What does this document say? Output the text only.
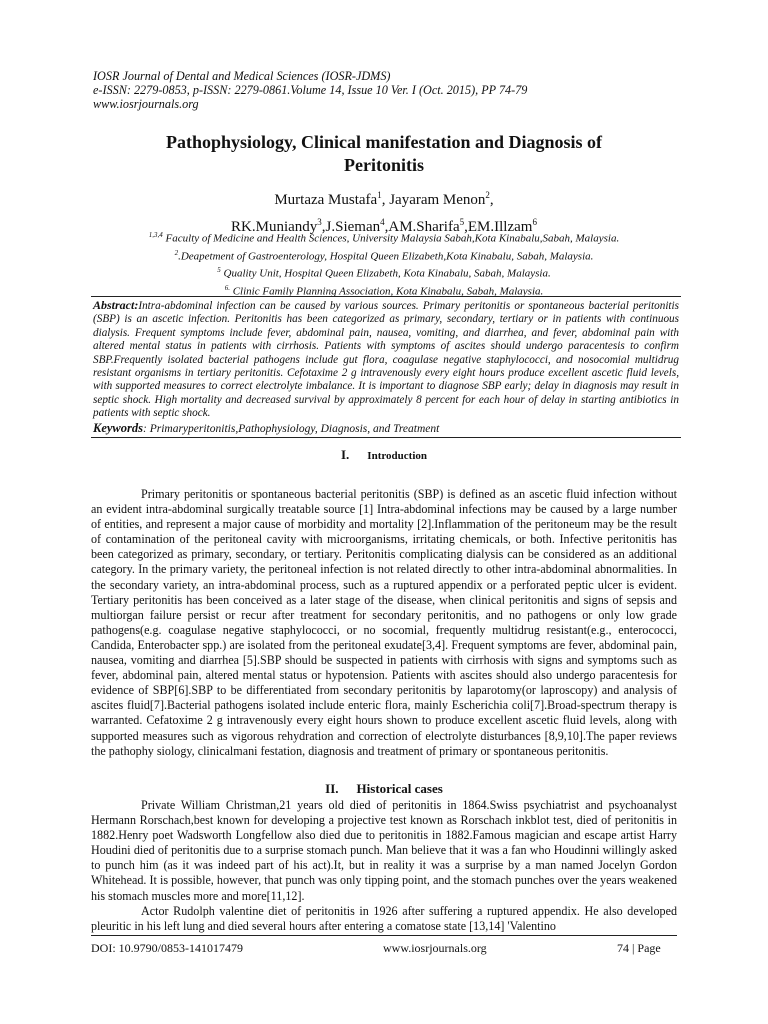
IOSR Journal of Dental and Medical Sciences (IOSR-JDMS)
e-ISSN: 2279-0853, p-ISSN: 2279-0861.Volume 14, Issue 10 Ver. I (Oct. 2015), PP 74-79
www.iosrjournals.org
Pathophysiology, Clinical manifestation and Diagnosis of
Peritonitis
Murtaza Mustafa$^1$, Jayaram Menon$^2$,
RK.Muniandy$^3$,J.Sieman$^4$,AM.Sharifa$^5$,EM.Illzam$^6$
$^{1,3,4}$ Faculty of Medicine and Health Sciences, University Malaysia Sabah,Kota Kinabalu,Sabah, Malaysia.
$^2$.Deapetment of Gastroenterology, Hospital Queen Elizabeth,Kota Kinabalu, Sabah, Malaysia.
$^5$ Quality Unit, Hospital Queen Elizabeth, Kota Kinabalu, Sabah, Malaysia.
$^{6.}$ Clinic Family Planning Association, Kota Kinabalu, Sabah, Malaysia.
Abstract:Intra-abdominal infection can be caused by various sources. Primary peritonitis or spontaneous bacterial peritonitis (SBP) is an ascetic infection. Peritonitis has been categorized as primary, secondary, tertiary or in patients with continuous dialysis. Frequent symptoms include fever, abdominal pain, nausea, vomiting, and diarrhea, and fever, abdominal pain with altered mental status in patients with cirrhosis. Patients with symptoms of ascites should undergo paracentesis to confirm SBP.Frequently isolated bacterial pathogens include gut flora, coagulase negative staphylococci, and nosocomial multidrug resistant organisms in tertiary peritonitis. Cefotaxime 2 g intravenously every eight hours produce excellent ascetic fluid levels, with supported measures to correct electrolyte imbalance. It is important to diagnose SBP early; delay in diagnosis may result in septic shock. High mortality and decreased survival by approximately 8 percent for each hour of delay in starting antibiotics in patients with septic shock.
Keywords: Primaryperitonitis,Pathophysiology, Diagnosis, and Treatment
I. Introduction

Primary peritonitis or spontaneous bacterial peritonitis (SBP) is defined as an ascetic fluid infection without an evident intra-abdominal surgically treatable source [1] Intra-abdominal infections may be caused by a large number of entities, and represent a major cause of morbidity and mortality [2].Inflammation of the peritoneum may be the result of contamination of the peritoneal cavity with microorganisms, irritating chemicals, or both. Infective peritonitis has been categorized as primary, secondary, or tertiary. Peritonitis complicating dialysis can be considered as an additional category. In the primary variety, the peritoneal infection is not related directly to other intra-abdominal abnormalities. In the secondary variety, an intra-abdominal process, such as a ruptured appendix or a perforated peptic ulcer is evident. Tertiary peritonitis has been conceived as a later stage of the disease, when clinical peritonitis and signs of sepsis and multiorgan failure persist or recur after treatment for secondary peritonitis, and no pathogens or only low grade pathogens(e.g. coagulase negative staphylococci, or no socomial, frequently multidrug resistant(e.g., enterococci, Candida, Enterobacter spp.) are isolated from the peritoneal exudate[3,4]. Frequent symptoms are fever, abdominal pain, nausea, vomiting and diarrhea [5].SBP should be suspected in patients with cirrhosis with signs and symptoms such as fever, abdominal pain, altered mental status or hypotension. Patients with ascites should also undergo paracentesis for evidence of SBP[6].SBP to be differentiated from secondary peritonitis by laparotomy(or laproscopy) and analysis of ascites fluid[7].Bacterial pathogens isolated include enteric flora, mainly Escherichia coli[7].Broad-spectrum therapy is warranted. Cefatoxime 2 g intravenously every eight hours shown to produce excellent ascetic fluid levels, along with supported measures such as vigorous rehydration and correction of electrolyte disturbances [8,9,10].The paper reviews the pathophy siology, clinicalmani festation, diagnosis and treatment of primary or spontaneous peritonitis.

II. Historical cases

Private William Christman,21 years old died of peritonitis in 1864.Swiss psychiatrist and psychoanalyst Hermann Rorschach,best known for developing a projective test known as Rorschach inkblot test, died of peritonitis in 1882.Henry poet Wadsworth Longfellow also died due to peritonitis in 1882.Famous magician and escape artist Harry Houdini died of peritonitis due to a surprise stomach punch. Man believe that it was a fan who Houdinni willingly asked to punch him (as it was indeed part of his act).It, but in reality it was a surprise by a man named Jocelyn Gordon Whitehead. It is possible, however, that punch was only tipping point, and the stomach punches over the years weakened his stomach muscles more and more[11,12].

Actor Rudolph valentine diet of peritonitis in 1926 after suffering a ruptured appendix. He also developed pleuritic in his left lung and died several hours after entering a comatose state [13,14] 'Valentino

DOI: 10.9790/0853-141017479	www.iosrjournals.org	74 | Page
